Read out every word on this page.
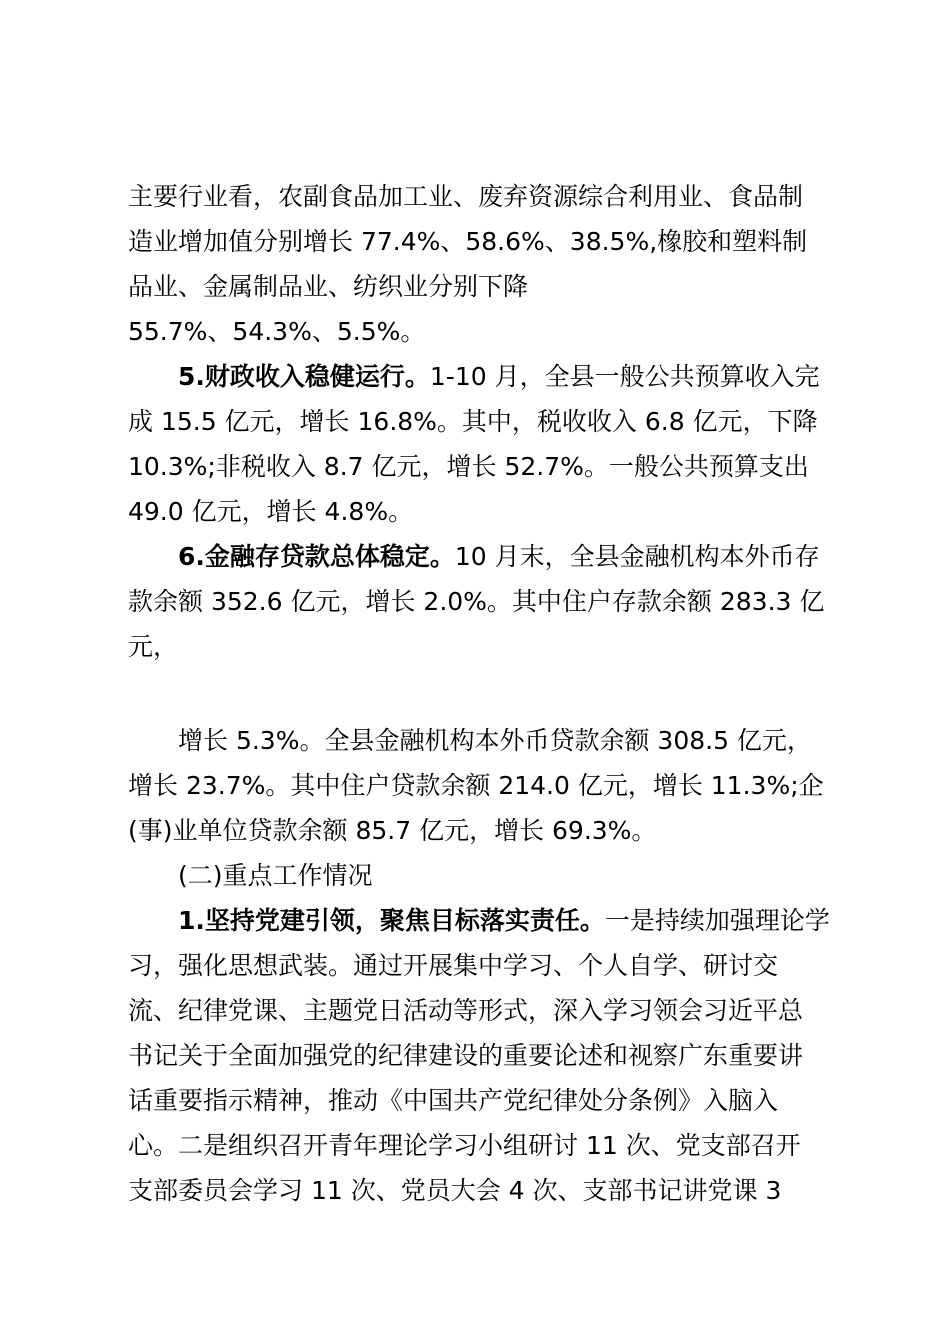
主要行业看，农副食品加工业、废弃资源综合利用业、食品制
造业增加值分别增长 77.4%、58.6%、38.5%,橡胶和塑料制
品业、金属制品业、纺织业分别下降
55.7%、54.3%、5.5%。
5.财政收入稳健运行。1-10 月，全县一般公共预算收入完
成 15.5 亿元，增长 16.8%。其中，税收收入 6.8 亿元，下降
10.3%;非税收入 8.7 亿元，增长 52.7%。一般公共预算支出
49.0 亿元，增长 4.8%。
6.金融存贷款总体稳定。10 月末，全县金融机构本外币存
款余额 352.6 亿元，增长 2.0%。其中住户存款余额 283.3 亿
元，
增长 5.3%。全县金融机构本外币贷款余额 308.5 亿元，
增长 23.7%。其中住户贷款余额 214.0 亿元，增长 11.3%;企
(事)业单位贷款余额 85.7 亿元，增长 69.3%。
(二)重点工作情况
1.坚持党建引领，聚焦目标落实责任。一是持续加强理论学
习，强化思想武装。通过开展集中学习、个人自学、研讨交
流、纪律党课、主题党日活动等形式，深入学习领会习近平总
书记关于全面加强党的纪律建设的重要论述和视察广东重要讲
话重要指示精神，推动《中国共产党纪律处分条例》入脑入
心。二是组织召开青年理论学习小组研讨 11 次、党支部召开
支部委员会学习 11 次、党员大会 4 次、支部书记讲党课 3
